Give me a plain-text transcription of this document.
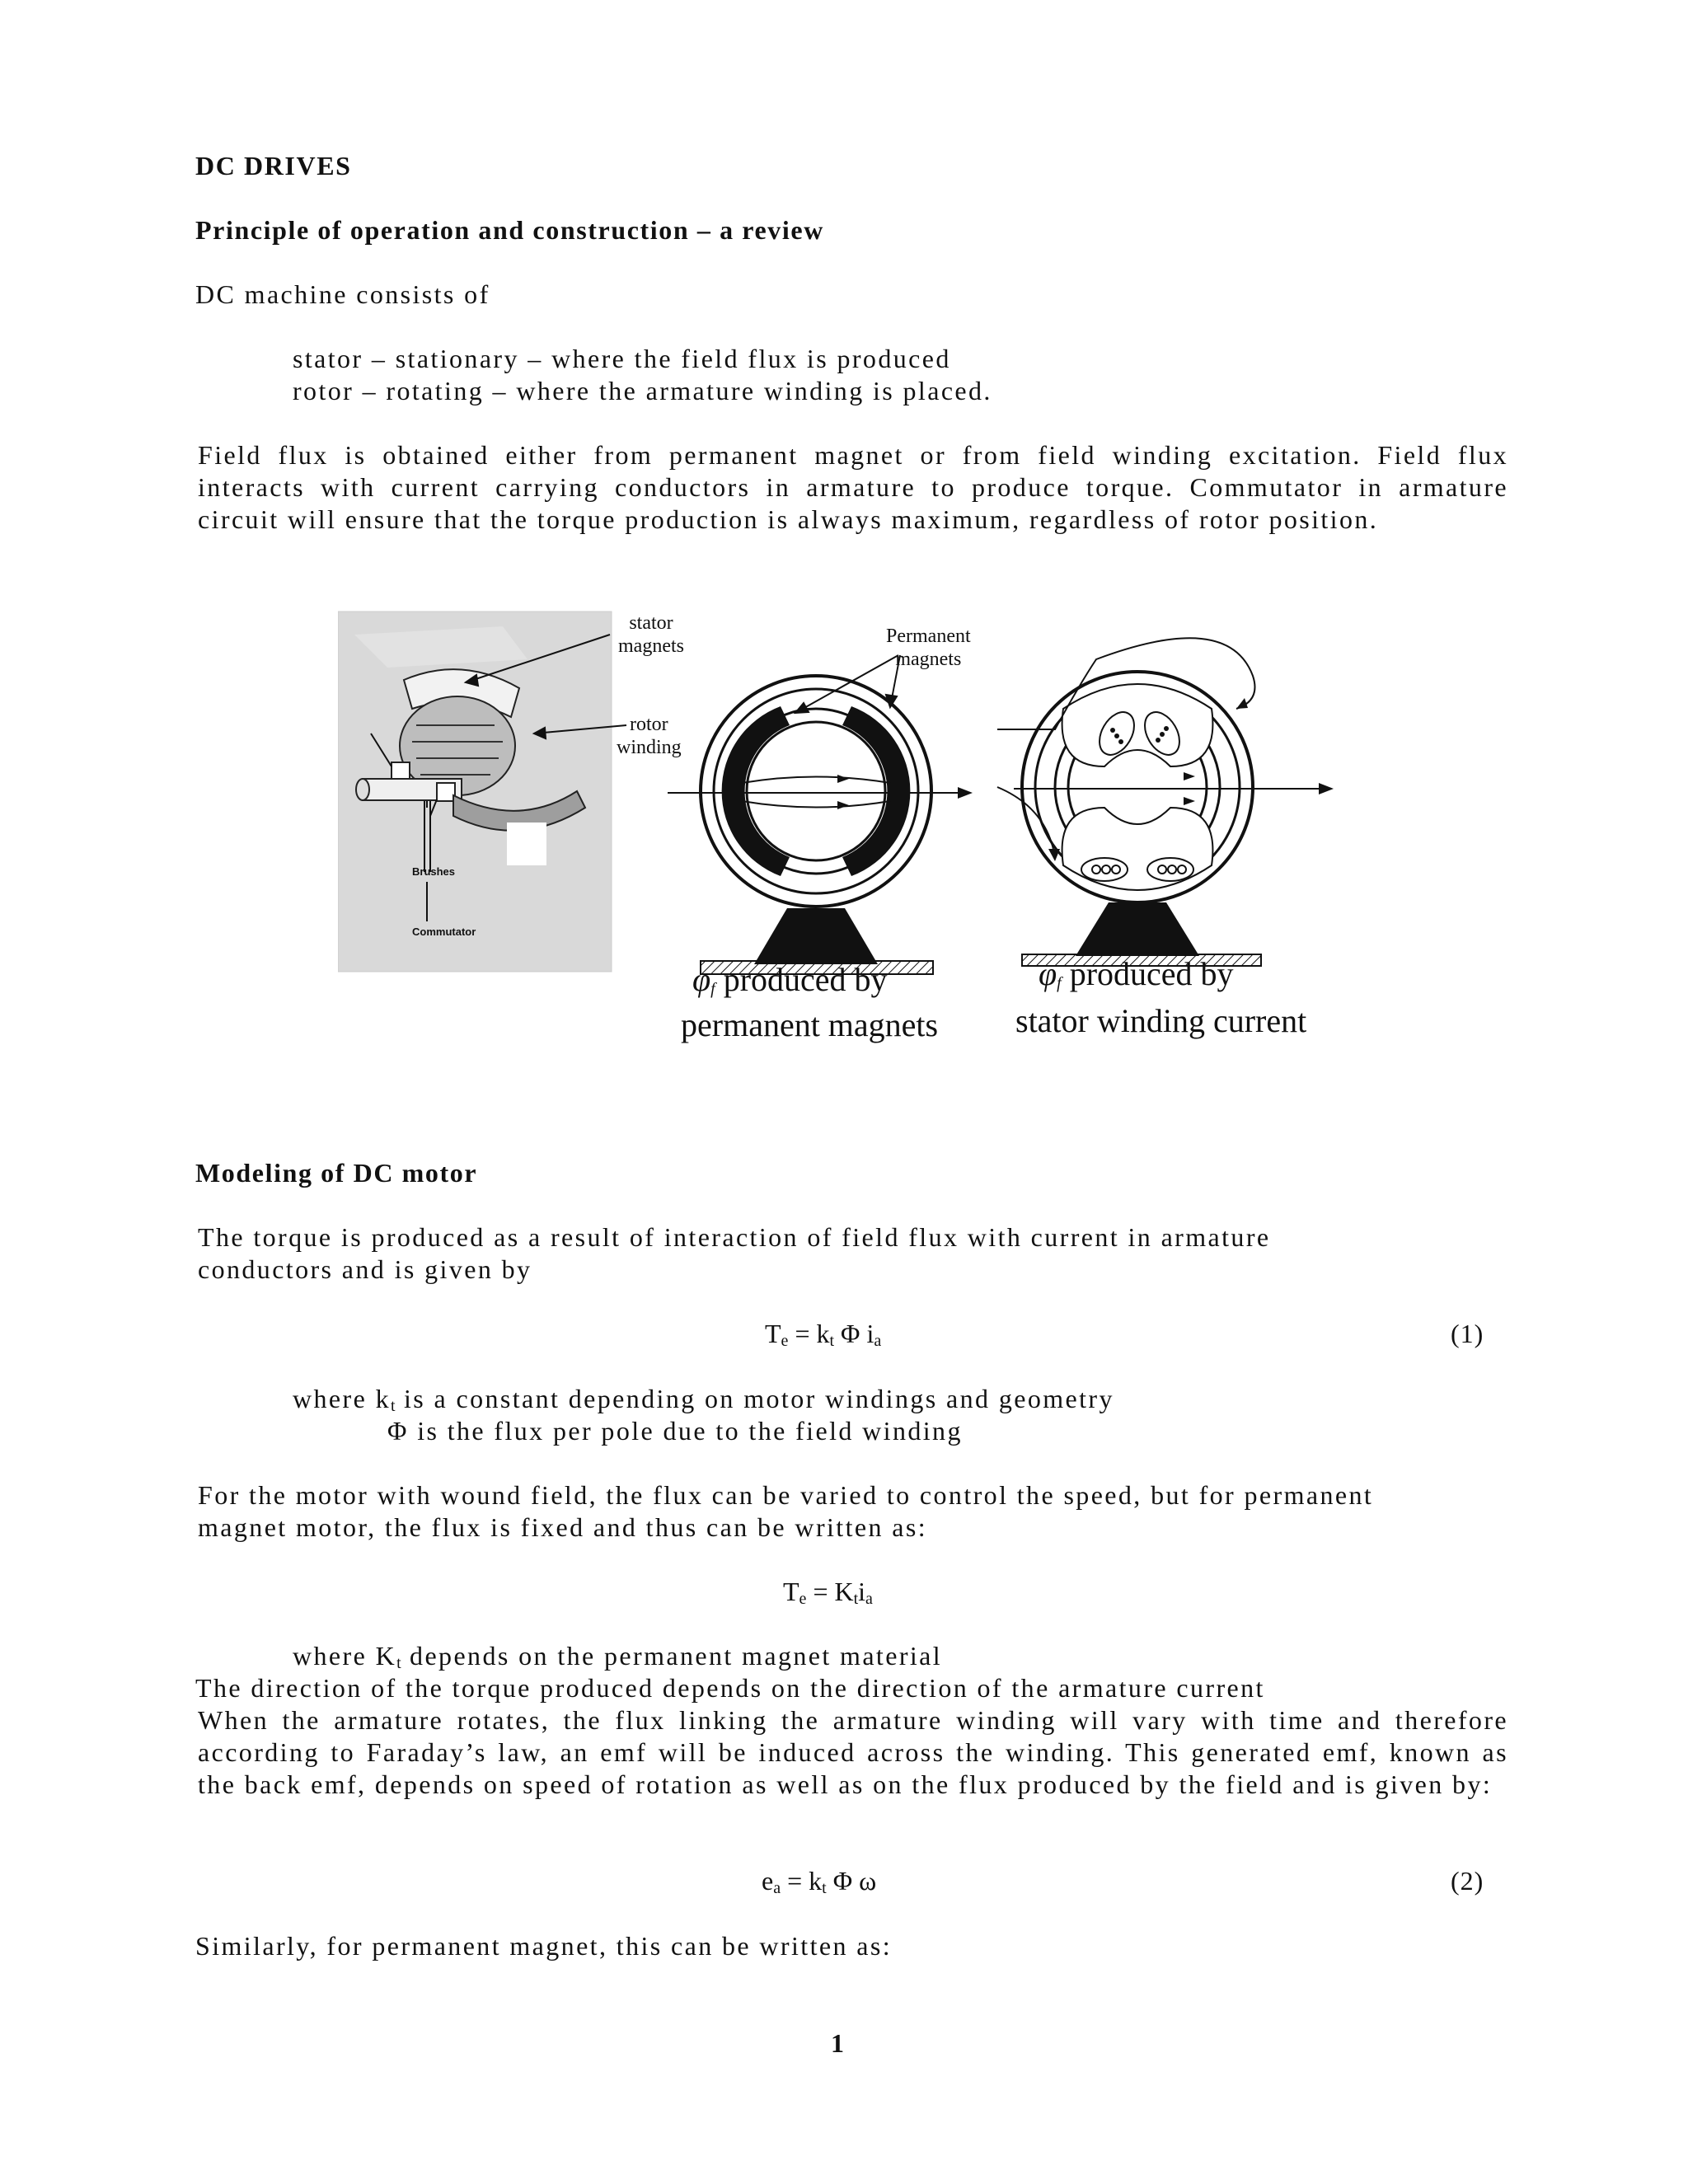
DC DRIVES

Principle of operation and construction – a review

DC machine consists of

stator – stationary – where the field flux is produced

rotor – rotating – where the armature winding is placed.

Field flux is obtained either from permanent magnet or from field winding excitation. Field flux interacts with current carrying conductors in armature to produce torque. Commutator in armature circuit will ensure that the torque production is always maximum, regardless of rotor position.

Brushes
Commutator
stator
magnets
rotor
winding
Permanent
magnets
$\varphi_f$ produced by
permanent magnets
$\varphi_f$ produced by
stator winding current

Modeling of DC motor

The torque is produced as a result of interaction of field flux with current in armature conductors and is given by

$T_e = k_t$ Φ $i_a$	(1)

where $k_t$ is a constant depending on motor windings and geometry

Φ is the flux per pole due to the field winding

For the motor with wound field, the flux can be varied to control the speed, but for permanent magnet motor, the flux is fixed and thus can be written as:

$T_e = K_ti_a$

where $K_t$ depends on the permanent magnet material

The direction of the torque produced depends on the direction of the armature current

When the armature rotates, the flux linking the armature winding will vary with time and therefore according to Faraday’s law, an emf will be induced across the winding. This generated emf, known as the back emf, depends on speed of rotation as well as on the flux produced by the field and is given by:

$e_a = k_t$ Φ ω	(2)

Similarly, for permanent magnet, this can be written as:

1
